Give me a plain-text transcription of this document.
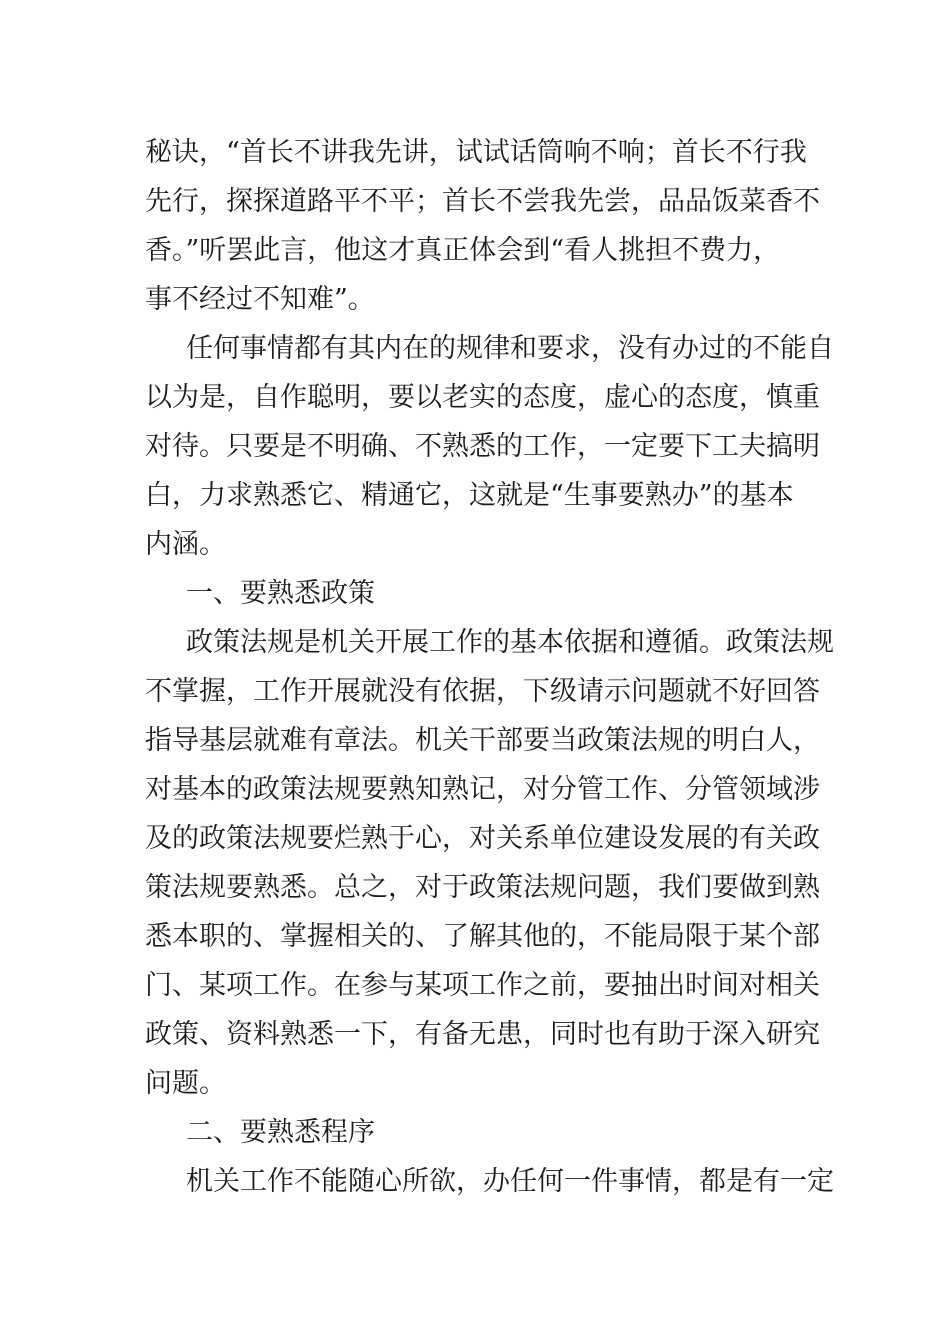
秘诀，“首长不讲我先讲，试试话筒响不响；首长不行我
先行，探探道路平不平；首长不尝我先尝，品品饭菜香不
香。”听罢此言，他这才真正体会到“看人挑担不费力，
事不经过不知难”。
任何事情都有其内在的规律和要求，没有办过的不能自
以为是，自作聪明，要以老实的态度，虚心的态度，慎重
对待。只要是不明确、不熟悉的工作，一定要下工夫搞明
白，力求熟悉它、精通它，这就是“生事要熟办”的基本
内涵。
一、要熟悉政策
政策法规是机关开展工作的基本依据和遵循。政策法规
不掌握，工作开展就没有依据，下级请示问题就不好回答
指导基层就难有章法。机关干部要当政策法规的明白人，
对基本的政策法规要熟知熟记，对分管工作、分管领域涉
及的政策法规要烂熟于心，对关系单位建设发展的有关政
策法规要熟悉。总之，对于政策法规问题，我们要做到熟
悉本职的、掌握相关的、了解其他的，不能局限于某个部
门、某项工作。在参与某项工作之前，要抽出时间对相关
政策、资料熟悉一下，有备无患，同时也有助于深入研究
问题。
二、要熟悉程序
机关工作不能随心所欲，办任何一件事情，都是有一定
